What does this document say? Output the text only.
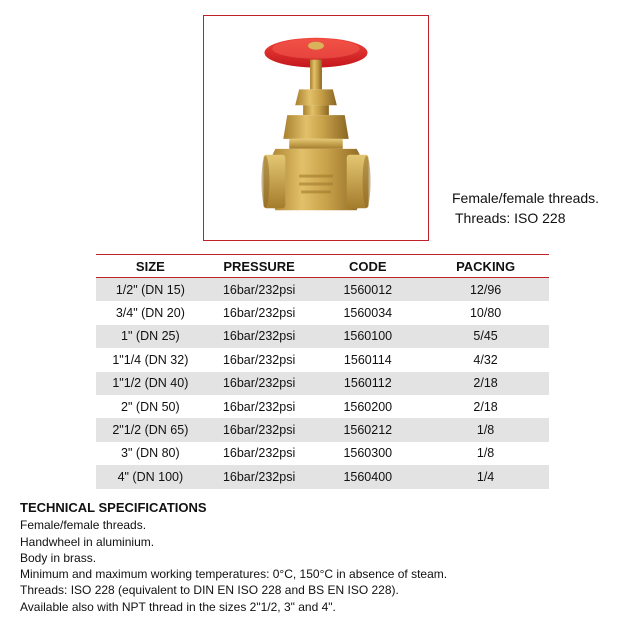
Female/female threads.
Threads: ISO 228
SIZE	PRESSURE	CODE	PACKING
1/2" (DN 15)	16bar/232psi	1560012	12/96
3/4" (DN 20)	16bar/232psi	1560034	10/80
1" (DN 25)	16bar/232psi	1560100	5/45
1"1/4 (DN 32)	16bar/232psi	1560114	4/32
1"1/2 (DN 40)	16bar/232psi	1560112	2/18
2" (DN 50)	16bar/232psi	1560200	2/18
2"1/2 (DN 65)	16bar/232psi	1560212	1/8
3" (DN 80)	16bar/232psi	1560300	1/8
4" (DN 100)	16bar/232psi	1560400	1/4
TECHNICAL SPECIFICATIONS
Female/female threads.
Handwheel in aluminium.
Body in brass.
Minimum and maximum working temperatures: 0°C, 150°C in absence of steam.
Threads: ISO 228 (equivalent to DIN EN ISO 228 and BS EN ISO 228).
Available also with NPT thread in the sizes 2"1/2, 3" and 4".
